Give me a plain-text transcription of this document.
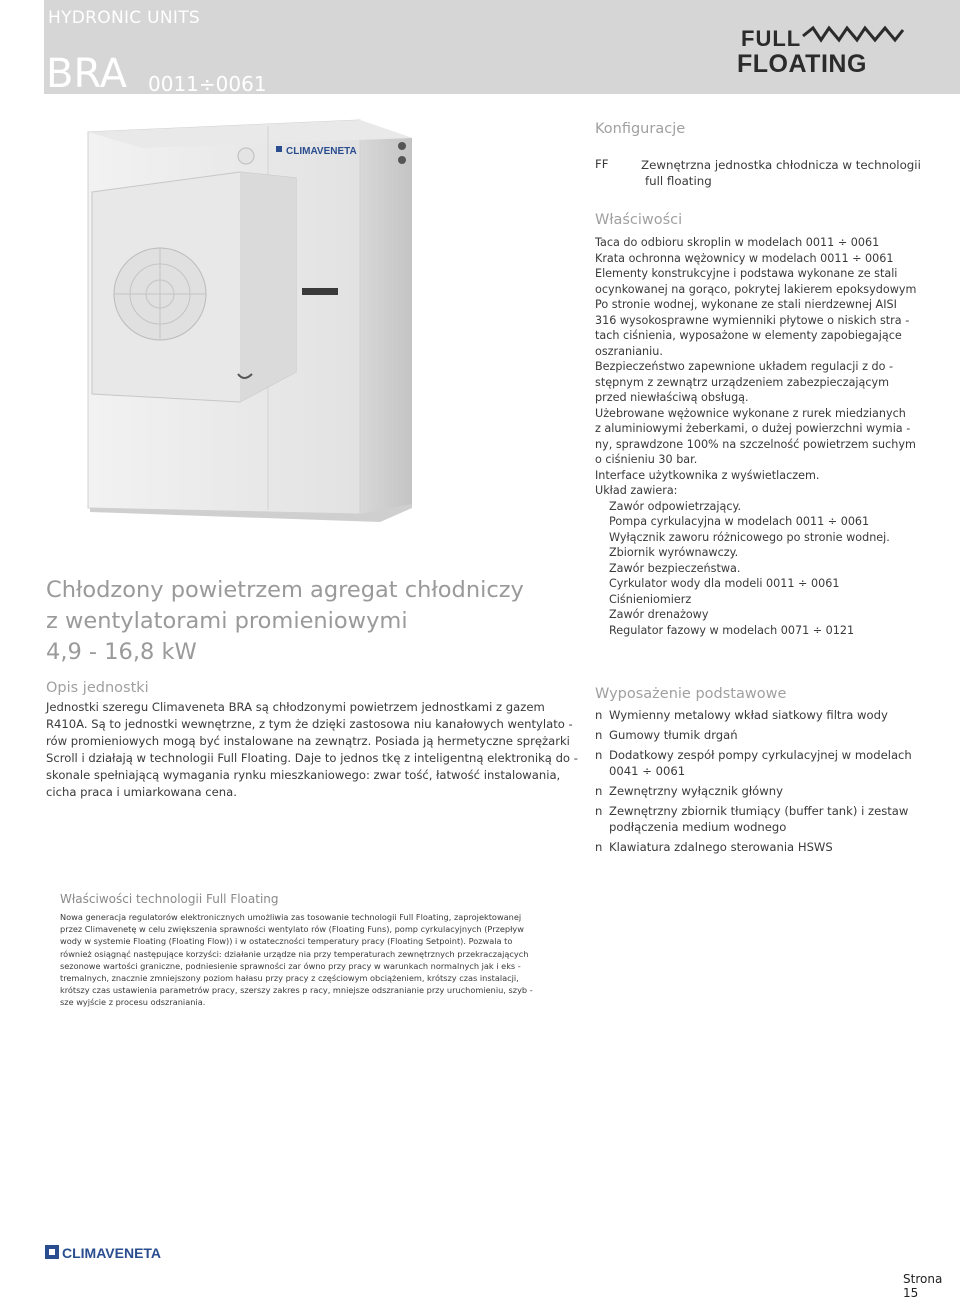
HYDRONIC UNITS
BRA 0011÷0061
FULL
FLOATING
CLIMAVENETA
Chłodzony powietrzem agregat chłodniczy
z wentylatorami promieniowymi
4,9 - 16,8 kW
Opis jednostki
Jednostki szeregu Climaveneta BRA są chłodzonymi powietrzem jednostkami z gazem
R410A. Są to jednostki wewnętrzne, z tym że dzięki zastosowa niu kanałowych wentylato -
rów promieniowych mogą być instalowane na zewnątrz. Posiada ją hermetyczne sprężarki
Scroll i działają w technologii Full Floating. Daje to jednos tkę z inteligentną elektroniką do -
skonale spełniającą wymagania rynku mieszkaniowego: zwar tość, łatwość instalowania,
cicha praca i umiarkowana cena.
Konfiguracje
FF	Zewnętrzna jednostka chłodnicza w technologii
full floating
Właściwości
Taca do odbioru skroplin w modelach 0011 ÷ 0061
Krata ochronna wężownicy w modelach 0011 ÷ 0061
Elementy konstrukcyjne i podstawa wykonane ze stali
ocynkowanej na gorąco, pokrytej lakierem epoksydowym
Po stronie wodnej, wykonane ze stali nierdzewnej AISI
316 wysokosprawne wymienniki płytowe o niskich stra -
tach ciśnienia, wyposażone w elementy zapobiegające
oszranianiu.
Bezpieczeństwo zapewnione układem regulacji z do -
stępnym z zewnątrz urządzeniem zabezpieczającym
przed niewłaściwą obsługą.
Użebrowane wężownice wykonane z rurek miedzianych
z aluminiowymi żeberkami, o dużej powierzchni wymia -
ny, sprawdzone 100% na szczelność powietrzem suchym
o ciśnieniu 30 bar.
Interface użytkownika z wyświetlaczem.
Układ zawiera:
Zawór odpowietrzający.
Pompa cyrkulacyjna w modelach 0011 ÷ 0061
Wyłącznik zaworu różnicowego po stronie wodnej.
Zbiornik wyrównawczy.
Zawór bezpieczeństwa.
Cyrkulator wody dla modeli 0011 ÷ 0061
Ciśnieniomierz
Zawór drenażowy
Regulator fazowy w modelach 0071 ÷ 0121
Wyposażenie podstawowe
n Wymienny metalowy wkład siatkowy filtra wody
n Gumowy tłumik drgań
n Dodatkowy zespół pompy cyrkulacyjnej w modelach
0041 ÷ 0061
n Zewnętrzny wyłącznik główny
n Zewnętrzny zbiornik tłumiący (buffer tank) i zestaw
podłączenia medium wodnego
n Klawiatura zdalnego sterowania HSWS
Właściwości technologii Full Floating
Nowa generacja regulatorów elektronicznych umożliwia zas tosowanie technologii Full Floating, zaprojektowanej
przez Climavenetę w celu zwiększenia sprawności wentylato rów (Floating Funs), pomp cyrkulacyjnych (Przepływ
wody w systemie Floating (Floating Flow)) i w ostateczności temperatury pracy (Floating Setpoint). Pozwala to
również osiągnąć następujące korzyści: działanie urządze nia przy temperaturach zewnętrznych przekraczających
sezonowe wartości graniczne, podniesienie sprawności zar ówno przy pracy w warunkach normalnych jak i eks -
tremalnych, znacznie zmniejszony poziom hałasu przy pracy z częściowym obciążeniem, krótszy czas instalacji,
krótszy czas ustawienia parametrów pracy, szerszy zakres p racy, mniejsze odszranianie przy uruchomieniu, szyb -
sze wyjście z procesu odszraniania.
CLIMAVENETA
Strona 15
